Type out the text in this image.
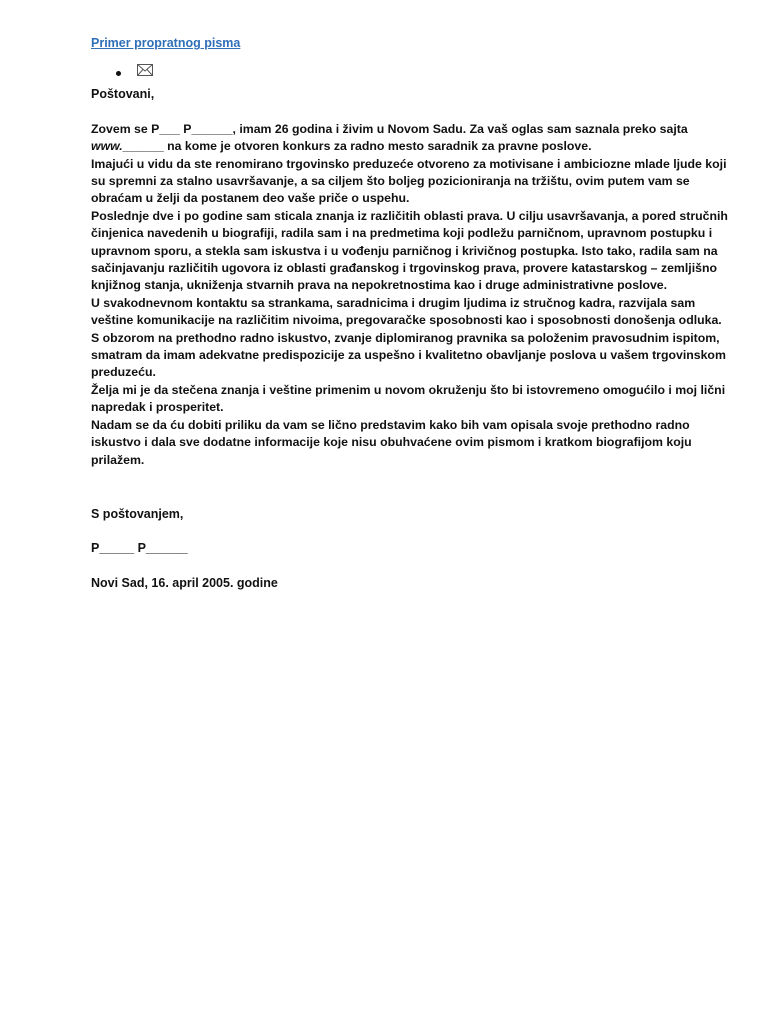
Primer propratnog pisma
Poštovani,

Zovem se P___ P______, imam 26 godina i živim u Novom Sadu. Za vaš oglas sam saznala preko sajta www.______ na kome je otvoren konkurs za radno mesto saradnik za pravne poslove.

Imajući u vidu da ste renomirano trgovinsko preduzeće otvoreno za motivisane i ambiciozne mlade ljude koji su spremni za stalno usavršavanje, a sa ciljem što boljeg pozicioniranja na tržištu, ovim putem vam se obraćam u želji da postanem deo vaše priče o uspehu.

Poslednje dve i po godine sam sticala znanja iz različitih oblasti prava. U cilju usavršavanja, a pored stručnih činjenica navedenih u biografiji, radila sam i na predmetima koji podležu parničnom, upravnom postupku i upravnom sporu, a stekla sam iskustva i u vođenju parničnog i krivičnog postupka. Isto tako, radila sam na sačinjavanju različitih ugovora iz oblasti građanskog i trgovinskog prava, provere katastarskog – zemljišno knjižnog stanja, ukniženja stvarnih prava na nepokretnostima kao i druge administrativne poslove.

U svakodnevnom kontaktu sa strankama, saradnicima i drugim ljudima iz stručnog kadra, razvijala sam veštine komunikacije na različitim nivoima, pregovaračke sposobnosti kao i sposobnosti donošenja odluka.

S obzorom na prethodno radno iskustvo, zvanje diplomiranog pravnika sa položenim pravosudnim ispitom, smatram da imam adekvatne predispozicije za uspešno i kvalitetno obavljanje poslova u vašem trgovinskom preduzeću.

Želja mi je da stečena znanja i veštine primenim u novom okruženju što bi istovremeno omogućilo i moj lični napredak i prosperitet.

Nadam se da ću dobiti priliku da vam se lično predstavim kako bih vam opisala svoje prethodno radno iskustvo i dala sve dodatne informacije koje nisu obuhvaćene ovim pismom i kratkom biografijom koju prilažem.

S poštovanjem,
P_____ P______
Novi Sad, 16. april 2005. godine
